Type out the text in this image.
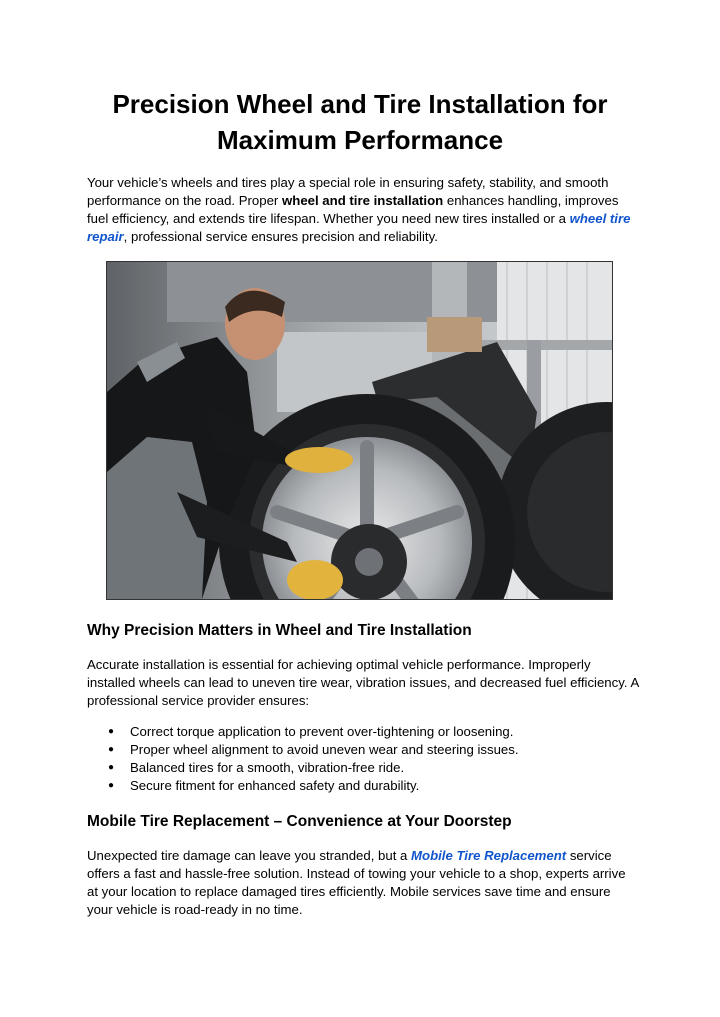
Precision Wheel and Tire Installation for Maximum Performance

Your vehicle’s wheels and tires play a special role in ensuring safety, stability, and smooth performance on the road. Proper wheel and tire installation enhances handling, improves fuel efficiency, and extends tire lifespan. Whether you need new tires installed or a wheel tire repair, professional service ensures precision and reliability.

Why Precision Matters in Wheel and Tire Installation

Accurate installation is essential for achieving optimal vehicle performance. Improperly installed wheels can lead to uneven tire wear, vibration issues, and decreased fuel efficiency. A professional service provider ensures:

● Correct torque application to prevent over-tightening or loosening.
● Proper wheel alignment to avoid uneven wear and steering issues.
● Balanced tires for a smooth, vibration-free ride.
● Secure fitment for enhanced safety and durability.
Mobile Tire Replacement – Convenience at Your Doorstep

Unexpected tire damage can leave you stranded, but a Mobile Tire Replacement service offers a fast and hassle-free solution. Instead of towing your vehicle to a shop, experts arrive at your location to replace damaged tires efficiently. Mobile services save time and ensure your vehicle is road-ready in no time.
